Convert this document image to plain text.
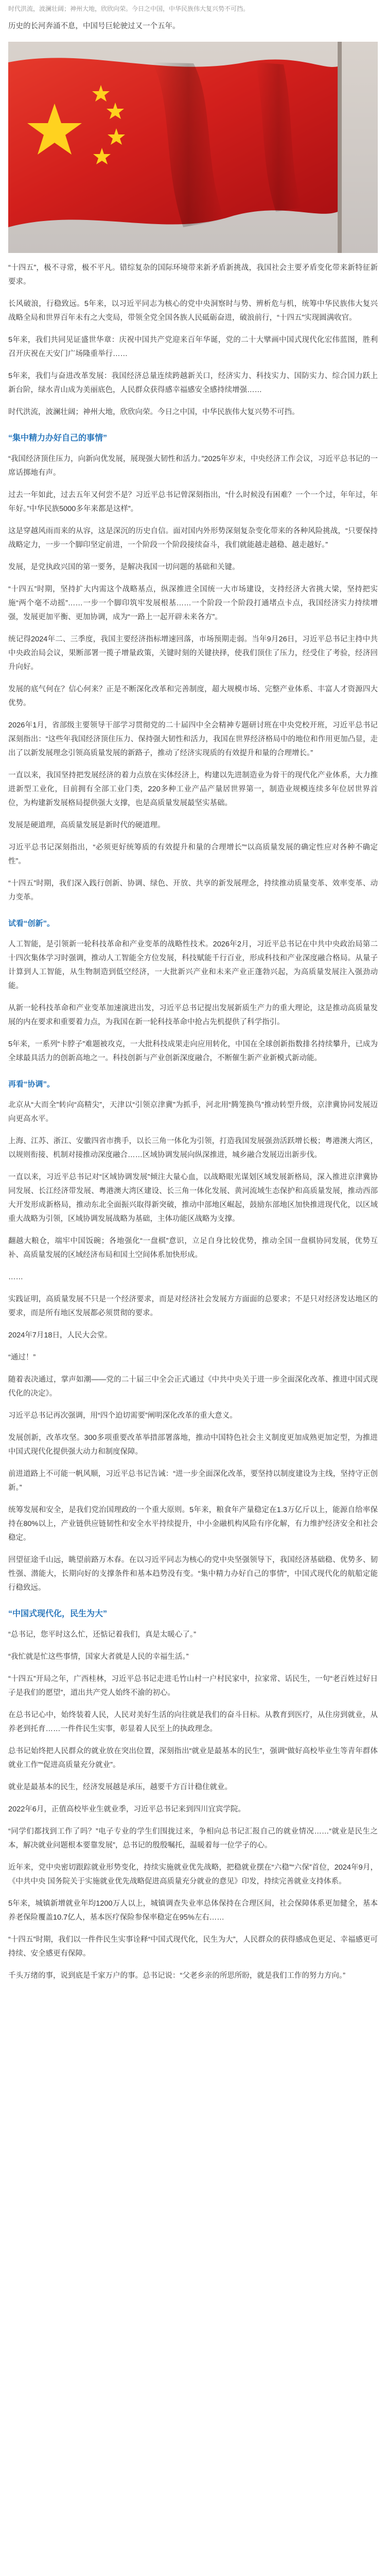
时代洪流，波澜壮阔；神州大地，欣欣向荣。今日之中国，中华民族伟大复兴势不可挡。

历史的长河奔涌不息，中国号巨轮驶过又一个五年。

“十四五”，极不寻常，极不平凡。错综复杂的国际环境带来新矛盾新挑战，我国社会主要矛盾变化带来新特征新要求。

长风破浪，行稳致远。5年来，以习近平同志为核心的党中央洞察时与势、辨析危与机，统筹中华民族伟大复兴战略全局和世界百年未有之大变局，带领全党全国各族人民砥砺奋进，破浪前行，“十四五”实现圆满收官。

5年来，我们共同见证盛世华章：庆祝中国共产党迎来百年华诞，党的二十大擘画中国式现代化宏伟蓝图，胜利召开庆祝在天安门广场隆重举行……

5年来，我们与奋进改革发展：我国经济总量连续跨越新关口，经济实力、科技实力、国防实力、综合国力跃上新台阶，绿水青山成为美丽底色，人民群众获得感幸福感安全感持续增强……

时代洪流，波澜壮阔；神州大地，欣欣向荣。今日之中国，中华民族伟大复兴势不可挡。

“集中精力办好自己的事情”

“我国经济顶住压力，向新向优发展，展现强大韧性和活力。”2025年岁末，中央经济工作会议，习近平总书记的一席话掷地有声。

过去一年如此，过去五年又何尝不是？习近平总书记曾深刻指出，“什么时候没有困难？一个一个过，年年过，年年好。”中华民族5000多年来都是这样”。

这是穿越风雨而来的从容，这是深沉的历史自信。面对国内外形势深刻复杂变化带来的各种风险挑战，“只要保持战略定力，一步一个脚印坚定前进，一个阶段一个阶段接续奋斗，我们就能越走越稳、越走越好。”

发展，是党执政兴国的第一要务，是解决我国一切问题的基础和关键。

“十四五”时期，坚持扩大内需这个战略基点，纵深推进全国统一大市场建设，支持经济大省挑大梁，坚持把实施“两个毫不动摇”……一步一个脚印筑牢发展根基……一个阶段一个阶段打通堵点卡点，我国经济实力持续增强，发展更加平衡、更加协调，成为“一路上一起开辟未来各方”。

统记得2024年二、三季度，我国主要经济指标增速回落，市场预期走弱。当年9月26日，习近平总书记主持中共中央政治局会议，果断部署一揽子增量政策，关键时刻的关键抉择，使我们顶住了压力，经受住了考验，经济回升向好。

发展的底气何在？信心何来？正是不断深化改革和完善制度，超大规模市场、完整产业体系、丰富人才资源四大优势。

2026年1月，省部级主要领导干部学习贯彻党的二十届四中全会精神专题研讨班在中央党校开班，习近平总书记深刻指出：“这些年我国经济顶住压力、保持强大韧性和活力，我国在世界经济格局中的地位和作用更加凸显，走出了以新发展理念引领高质量发展的新路子，推动了经济实现质的有效提升和量的合理增长。”

一直以来，我国坚持把发展经济的着力点放在实体经济上，构建以先进制造业为骨干的现代化产业体系，大力推进新型工业化，目前拥有全部工业门类，220多种工业产品产量居世界第一，制造业规模连续多年位居世界首位，为构建新发展格局提供强大支撑，也是高质量发展最坚实基础。

发展是硬道理，高质量发展是新时代的硬道理。

习近平总书记深刻指出，“必须更好统筹质的有效提升和量的合理增长”“以高质量发展的确定性应对各种不确定性”。

“十四五”时期，我们深入践行创新、协调、绿色、开放、共享的新发展理念，持续推动质量变革、效率变革、动力变革。

试看“创新”。

人工智能，是引领新一轮科技革命和产业变革的战略性技术。2026年2月，习近平总书记在中共中央政治局第二十四次集体学习时强调，推动人工智能全方位发展，科技赋能千行百业，形成科技和产业深度融合格局。从量子计算到人工智能，从生物制造到低空经济，一大批新兴产业和未来产业正蓬勃兴起，为高质量发展注入强劲动能。

从新一轮科技革命和产业变革加速演进出发，习近平总书记提出发展新质生产力的重大理论，这是推动高质量发展的内在要求和重要着力点，为我国在新一轮科技革命中抢占先机提供了科学指引。

5年来，一系列“卡脖子”难题被攻克，一大批科技成果走向应用转化，中国在全球创新指数排名持续攀升，已成为全球最具活力的创新高地之一。科技创新与产业创新深度融合，不断催生新产业新模式新动能。

再看“协调”。

北京从“大而全”转向“高精尖”，天津以“引领京津冀”为抓手，河北用“腾笼换鸟”推动转型升级，京津冀协同发展迈向更高水平。

上海、江苏、浙江、安徽四省市携手，以长三角一体化为引领，打造我国发展强劲活跃增长极；粤港澳大湾区，以规则衔接、机制对接推动深度融合……区域协调发展向纵深推进，城乡融合发展迈出新步伐。

一直以来，习近平总书记对“区域协调发展”倾注大量心血，以战略眼光谋划区域发展新格局，深入推进京津冀协同发展、长江经济带发展、粤港澳大湾区建设、长三角一体化发展、黄河流域生态保护和高质量发展，推动西部大开发形成新格局，推动东北全面振兴取得新突破，推动中部地区崛起，鼓励东部地区加快推进现代化，以区域重大战略为引领，区域协调发展战略为基础，主体功能区战略为支撑。

翻越大粮仓，端牢中国饭碗；各地强化“一盘棋”意识，立足自身比较优势，推动全国一盘棋协同发展，优势互补、高质量发展的区域经济布局和国土空间体系加快形成。

……

实践证明，高质量发展不只是一个经济要求，而是对经济社会发展方方面面的总要求；不是只对经济发达地区的要求，而是所有地区发展都必须贯彻的要求。

2024年7月18日，人民大会堂。

“通过！”

随着表决通过，掌声如潮——党的二十届三中全会正式通过《中共中央关于进一步全面深化改革、推进中国式现代化的决定》。

习近平总书记再次强调，用“四个迫切需要”阐明深化改革的重大意义。

发展创新，改革攻坚。300多项重要改革举措部署落地，推动中国特色社会主义制度更加成熟更加定型，为推进中国式现代化提供强大动力和制度保障。

前进道路上不可能一帆风顺，习近平总书记告诫：“进一步全面深化改革，要坚持以制度建设为主线，坚持守正创新。”

统筹发展和安全，是我们党治国理政的一个重大原则。5年来，粮食年产量稳定在1.3万亿斤以上，能源自给率保持在80%以上，产业链供应链韧性和安全水平持续提升，中小金融机构风险有序化解，有力维护经济安全和社会稳定。

回望征途千山远，眺望前路万木春。在以习近平同志为核心的党中央坚强领导下，我国经济基础稳、优势多、韧性强、潜能大，长期向好的支撑条件和基本趋势没有变。“集中精力办好自己的事情”，中国式现代化的航船定能行稳致远。

“中国式现代化，民生为大”

“总书记，您平时这么忙，还惦记着我们，真是太暖心了。”

“我忙就是忙这些事情，国家大者就是人民的幸福生活。”

“十四五”开局之年，广西桂林，习近平总书记走进毛竹山村一户村民家中，拉家常、话民生，一句“老百姓过好日子是我们的愿望”，道出共产党人始终不渝的初心。

在总书记心中，始终装着人民，人民对美好生活的向往就是我们的奋斗目标。从教育到医疗，从住房到就业，从养老到托育……一件件民生实事，彰显着人民至上的执政理念。

总书记始终把人民群众的就业放在突出位置，深刻指出“就业是最基本的民生”，强调“做好高校毕业生等青年群体就业工作”“促进高质量充分就业”。

就业是最基本的民生，经济发展越是承压，越要千方百计稳住就业。

2022年6月，正值高校毕业生就业季，习近平总书记来到四川宜宾学院。

“同学们都找到工作了吗？”电子专业的学生们围拢过来，争相向总书记汇报自己的就业情况……“就业是民生之本，解决就业问题根本要靠发展”，总书记的殷殷嘱托，温暖着每一位学子的心。

近年来，党中央密切跟踪就业形势变化，持续实施就业优先战略，把稳就业摆在“六稳”“六保”首位，2024年9月，《中共中央 国务院关于实施就业优先战略促进高质量充分就业的意见》印发，持续完善就业支持体系。

5年来，城镇新增就业年均1200万人以上，城镇调查失业率总体保持在合理区间，社会保障体系更加健全，基本养老保险覆盖10.7亿人，基本医疗保险参保率稳定在95%左右……

“十四五”时期，我们以一件件民生实事诠释“中国式现代化，民生为大”，人民群众的获得感成色更足、幸福感更可持续、安全感更有保障。

千头万绪的事，说到底是千家万户的事。总书记说：“父老乡亲的所思所盼，就是我们工作的努力方向。”
